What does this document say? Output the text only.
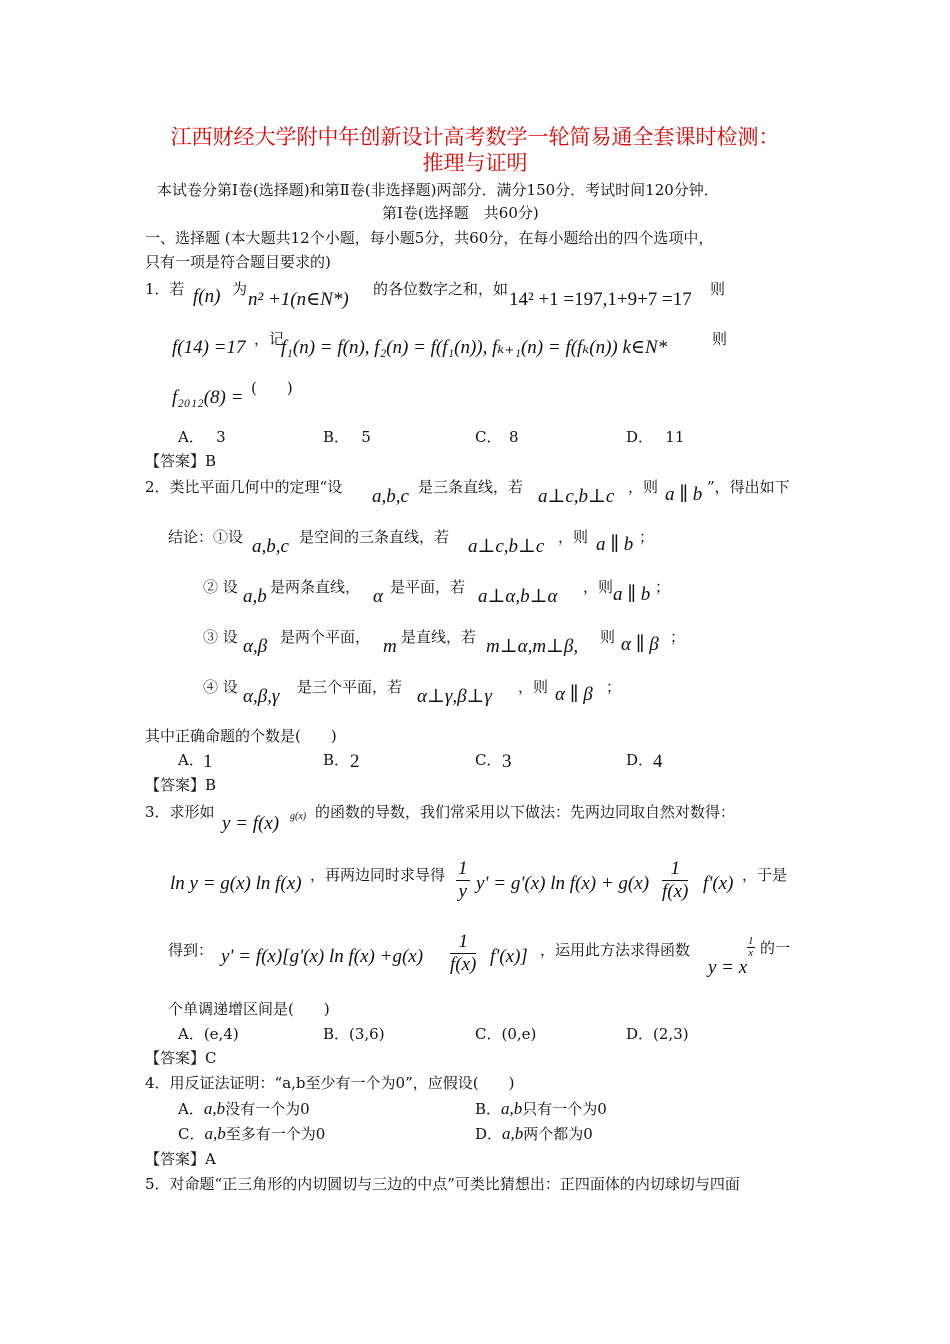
江西财经大学附中年创新设计高考数学一轮简易通全套课时检测：
推理与证明
本试卷分第Ⅰ卷(选择题)和第Ⅱ卷(非选择题)两部分．满分150分．考试时间120分钟．
第Ⅰ卷(选择题　共60分)
一、选择题 (本大题共12个小题，每小题5分，共60分，在每小题给出的四个选项中，
只有一项是符合题目要求的)
1．若 f(n) 为 n² +1(n∈N*) 的各位数字之和，如 14² +1 =197,1+9+7 =17 则
f(14) =17 ，记
f₁(n) = f(n), f₂(n) = f(f₁(n)), fₖ₊₁(n) = f(fₖ(n)) k∈N*	则
f₂₀₁₂(8) = (　　)
A．　 3	B．　 5	C．　8	D．　 11
【答案】B
2．类比平面几何中的定理“设 a,b,c 是三条直线，若 a⊥c,b⊥c ，则 a ∥ b ”，得出如下
结论：①设 a,b,c 是空间的三条直线，若 a⊥c,b⊥c ，则 a ∥ b ；
② 设 a,b 是两条直线， α 是平面，若 a⊥α,b⊥α ，则 a ∥ b ；
③ 设 α,β 是两个平面， m 是直线，若 m⊥α,m⊥β, 则 α ∥ β ；
④ 设 α,β,γ 是三个平面，若 α⊥γ,β⊥γ ，则 α ∥ β ；
其中正确命题的个数是(　　)
A． 1	B． 2	C． 3	D． 4
【答案】B
3．求形如
y = f(x) g(x) 的函数的导数，我们常采用以下做法：先两边同取自然对数得：
ln y = g(x) ln f(x) ，再两边同时求导得 $\frac{1}{y} y' = g'(x)$ $\ln f(x) + g(x) \frac{1}{f(x)} f'(x)$ ，于是
得到： y' = f(x)[g'(x) $\ln f(x) +g(x) \frac{1}{f(x)} f'(x)$] ，运用此方法求得函数
y = x
$\frac{1}{x}$ 的一
个单调递增区间是(　　)
A．(e,4)	B．(3,6)	C．(0,e)	D．(2,3)
【答案】C
4．用反证法证明：“a,b至少有一个为0”，应假设(　　)
A．a,b没有一个为0	B．a,b只有一个为0
C．a,b至多有一个为0	D．a,b两个都为0
【答案】A
5．对命题“正三角形的内切圆切与三边的中点”可类比猜想出：正四面体的内切球切与四面
